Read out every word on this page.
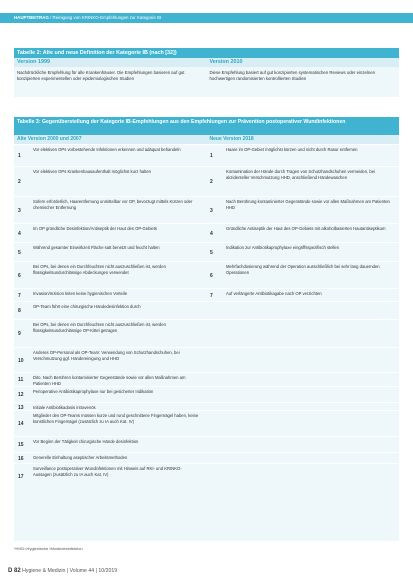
HAUPTBEITRAG / Reinigung von KRINKO-Empfehlungen zur Kategorie IB
Tabelle 2: Alte und neue Definition der Kategorie IB (nach [32])
Version 1999	Version 2010
Nachdrückliche Empfehlung für alle Krankenhäuser. Die Empfehlungen basieren auf gut konzipierten experimentellen oder epidemiologischen Studien
Diese Empfehlung basiert auf gut konzipierten systematischen Reviews oder einzelnen hochwertigen randomisierten kontrollierten Studien
Tabelle 3: Gegenüberstellung der Kategorie IB-Empfehlungen aus den Empfehlungen zur Prävention postoperativer Wundinfektionen
Alte Version 2000 und 2007	Neue Version 2018
1
Vor elektiven OPs vorbestehende Infektionen erkennen und adäquat behandeln
1
Haare im OP-Gebiet möglichst kürzen und nicht durch Rasur entfernen
2
Vor elektiven OPs Krankenhausaufenthalt möglichst kurz halten
2
Kontamination der Hände durch Tragen von Schutzhandschuhen vermeiden, bei akzidenteller Verschmutzung HHD, anschließend Händewaschen
3
Sofern erforderlich, Haarentfernung unmittelbar vor OP, bevorzugt mittels Kürzen oder chemischer Entfernung	3
Nach Berührung kontaminierter Gegenstände sowie vor allen Maßnahmen am Patienten HHD
4
Im OP gründliche Desinfektion/Antiseptik der Haut des OP-Gebiets
4
Gründliche Antiseptik der Haut des OP-Gebiets mit alkoholbasierten Hautantiseptikum
5
Während gesamter Einwirkzeit Fläche satt benetzt und feucht halten
5
Indikation zur Antibiotikaprophylaxe eingriffsspezifisch stellen
6
Bei OPs, bei denen ein Durchfeuchten nicht auszuschließen ist, werden flüssigkeitsundurchlässige Abdeckungen verwendet	6
Mehrfachdosierung während der Operation ausschließlich bei sehr lang dauernden Operationen
7	Invasion/Inzision leiten keine hygienischen Vorteile	7	Auf verlängerte Antibiotikagabe nach OP verzichten
8
OP-Team führt eine chirurgische Händedesinfektion durch
9
Bei OPs, bei denen ein Durchfeuchten nicht auszuschließen ist, werden flüssigkeitsundurchlässige OP-Kittel getragen
10
Anderes OP-Personal als OP-Team: Verwendung von Schutzhandschuhen, bei Verschmutzung ggf. Händereinigung und HHD
11 Dito. Nach Berühren kontaminierter Gegenstände sowie vor allen Maßnahmen am Patienten HHD
12
Perioperative Antibiotikaprophylaxe nur bei gesicherter Indikation
13 Initiale Antibiotikadosis intravenös
14
Mitglieder des OP-Teams müssen kurze und rund geschnittene Fingernägel haben, keine künstlichen Fingernägel (zusätzlich zu IA auch Kat. IV)
15
Vor Beginn der Tätigkeit chirurgische Hände desinfektion
16 Generelle Einhaltung aseptischer Arbeitsmethoden
17
Surveillance postoperativer Wundinfektionen mit Hinweis auf RKI- und KRINKO-Aussagen (zusätzlich zu IA auch Kat. IV)
*HHD=Hygienische Händedesinfektion
D 82 Hygiene & Medizin | Volume 44 | 10/2019
